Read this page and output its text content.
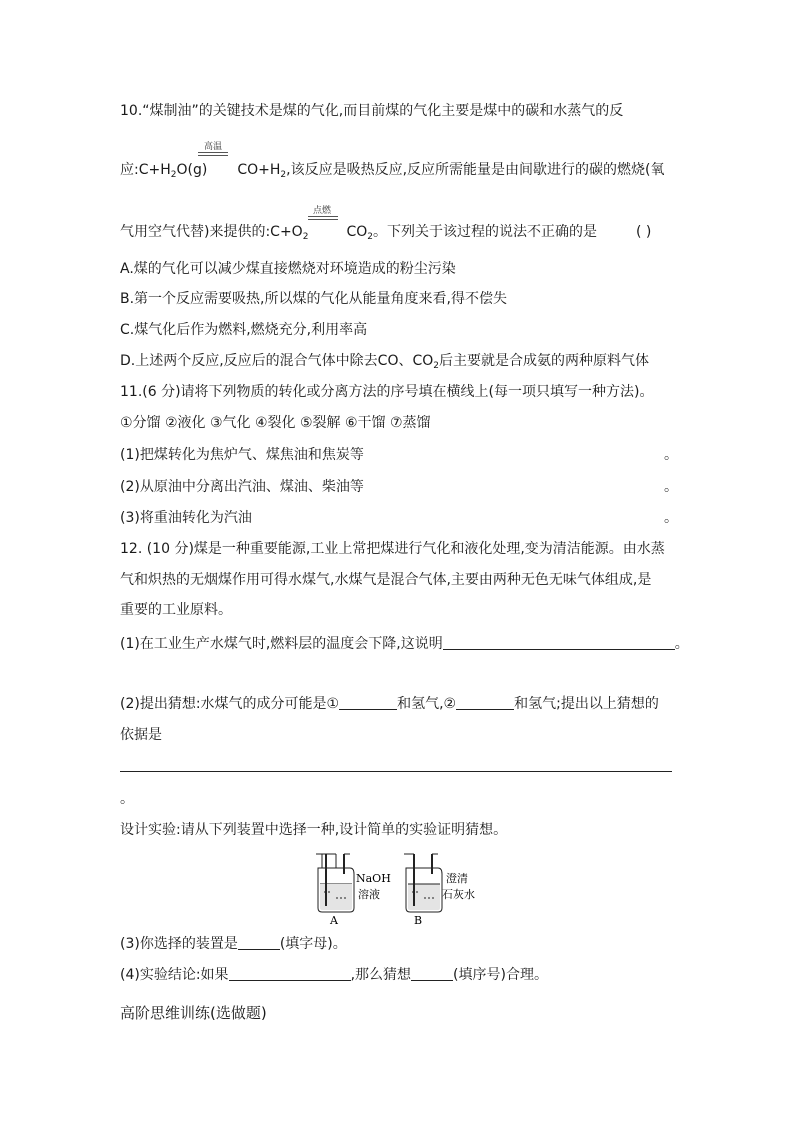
10.“煤制油”的关键技术是煤的气化,而目前煤的气化主要是煤中的碳和水蒸气的反
高温
应$:C+H_2O(g)$ $CO+H_2$,该反应是吸热反应,反应所需能量是由间歇进行的碳的燃烧(氧
点燃
气用空气代替)来提供的$:C+O_2$	$CO_2$。下列关于该过程的说法不正确的是	( )
A.煤的气化可以减少煤直接燃烧对环境造成的粉尘污染
B.第一个反应需要吸热,所以煤的气化从能量角度来看,得不偿失
C.煤气化后作为燃料,燃烧充分,利用率高
D.上述两个反应,反应后的混合气体中除去CO、$CO_2$后主要就是合成氨的两种原料气体
11.(6 分)请将下列物质的转化或分离方法的序号填在横线上(每一项只填写一种方法)。
①分馏 ②液化 ③气化 ④裂化 ⑤裂解 ⑥干馏 ⑦蒸馏
(1)把煤转化为焦炉气、煤焦油和焦炭等	。
(2)从原油中分离出汽油、煤油、柴油等	。
(3)将重油转化为汽油	。
12. (10 分)煤是一种重要能源,工业上常把煤进行气化和液化处理,变为清洁能源。由水蒸
气和炽热的无烟煤作用可得水煤气,水煤气是混合气体,主要由两种无色无味气体组成,是
重要的工业原料。
(1)在工业生产水煤气时,燃料层的温度会下降,这说明	。
(2)提出猜想:水煤气的成分可能是①	和氢气,②	和氢气;提出以上猜想的
依据是
。
设计实验:请从下列装置中选择一种,设计简单的实验证明猜想。
NaOH
溶液
A
澄清
石灰水
B
(3)你选择的装置是	(填字母)。
(4)实验结论:如果	,那么猜想	(填序号)合理。
高阶思维训练(选做题)
